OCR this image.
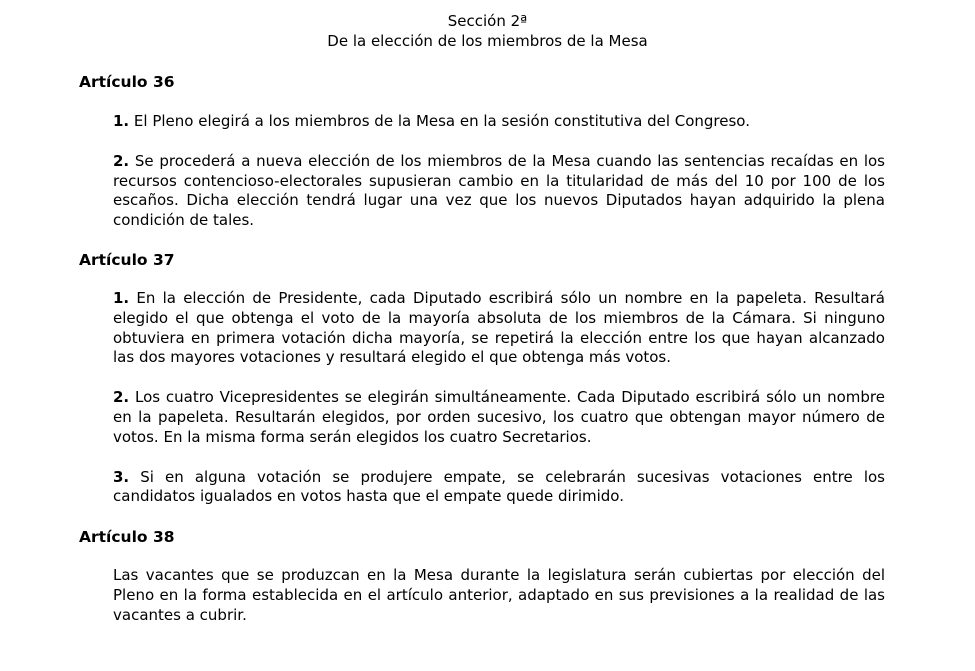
Sección 2ª
De la elección de los miembros de la Mesa
Artículo 36

1. El Pleno elegirá a los miembros de la Mesa en la sesión constitutiva del Congreso.

2. Se procederá a nueva elección de los miembros de la Mesa cuando las sentencias recaídas en los recursos contencioso-electorales supusieran cambio en la titularidad de más del 10 por 100 de los escaños. Dicha elección tendrá lugar una vez que los nuevos Diputados hayan adquirido la plena condición de tales.

Artículo 37

1. En la elección de Presidente, cada Diputado escribirá sólo un nombre en la papeleta. Resultará elegido el que obtenga el voto de la mayoría absoluta de los miembros de la Cámara. Si ninguno obtuviera en primera votación dicha mayoría, se repetirá la elección entre los que hayan alcanzado las dos mayores votaciones y resultará elegido el que obtenga más votos.

2. Los cuatro Vicepresidentes se elegirán simultáneamente. Cada Diputado escribirá sólo un nombre en la papeleta. Resultarán elegidos, por orden sucesivo, los cuatro que obtengan mayor número de votos. En la misma forma serán elegidos los cuatro Secretarios.

3. Si en alguna votación se produjere empate, se celebrarán sucesivas votaciones entre los candidatos igualados en votos hasta que el empate quede dirimido.

Artículo 38

Las vacantes que se produzcan en la Mesa durante la legislatura serán cubiertas por elección del Pleno en la forma establecida en el artículo anterior, adaptado en sus previsiones a la realidad de las vacantes a cubrir.
